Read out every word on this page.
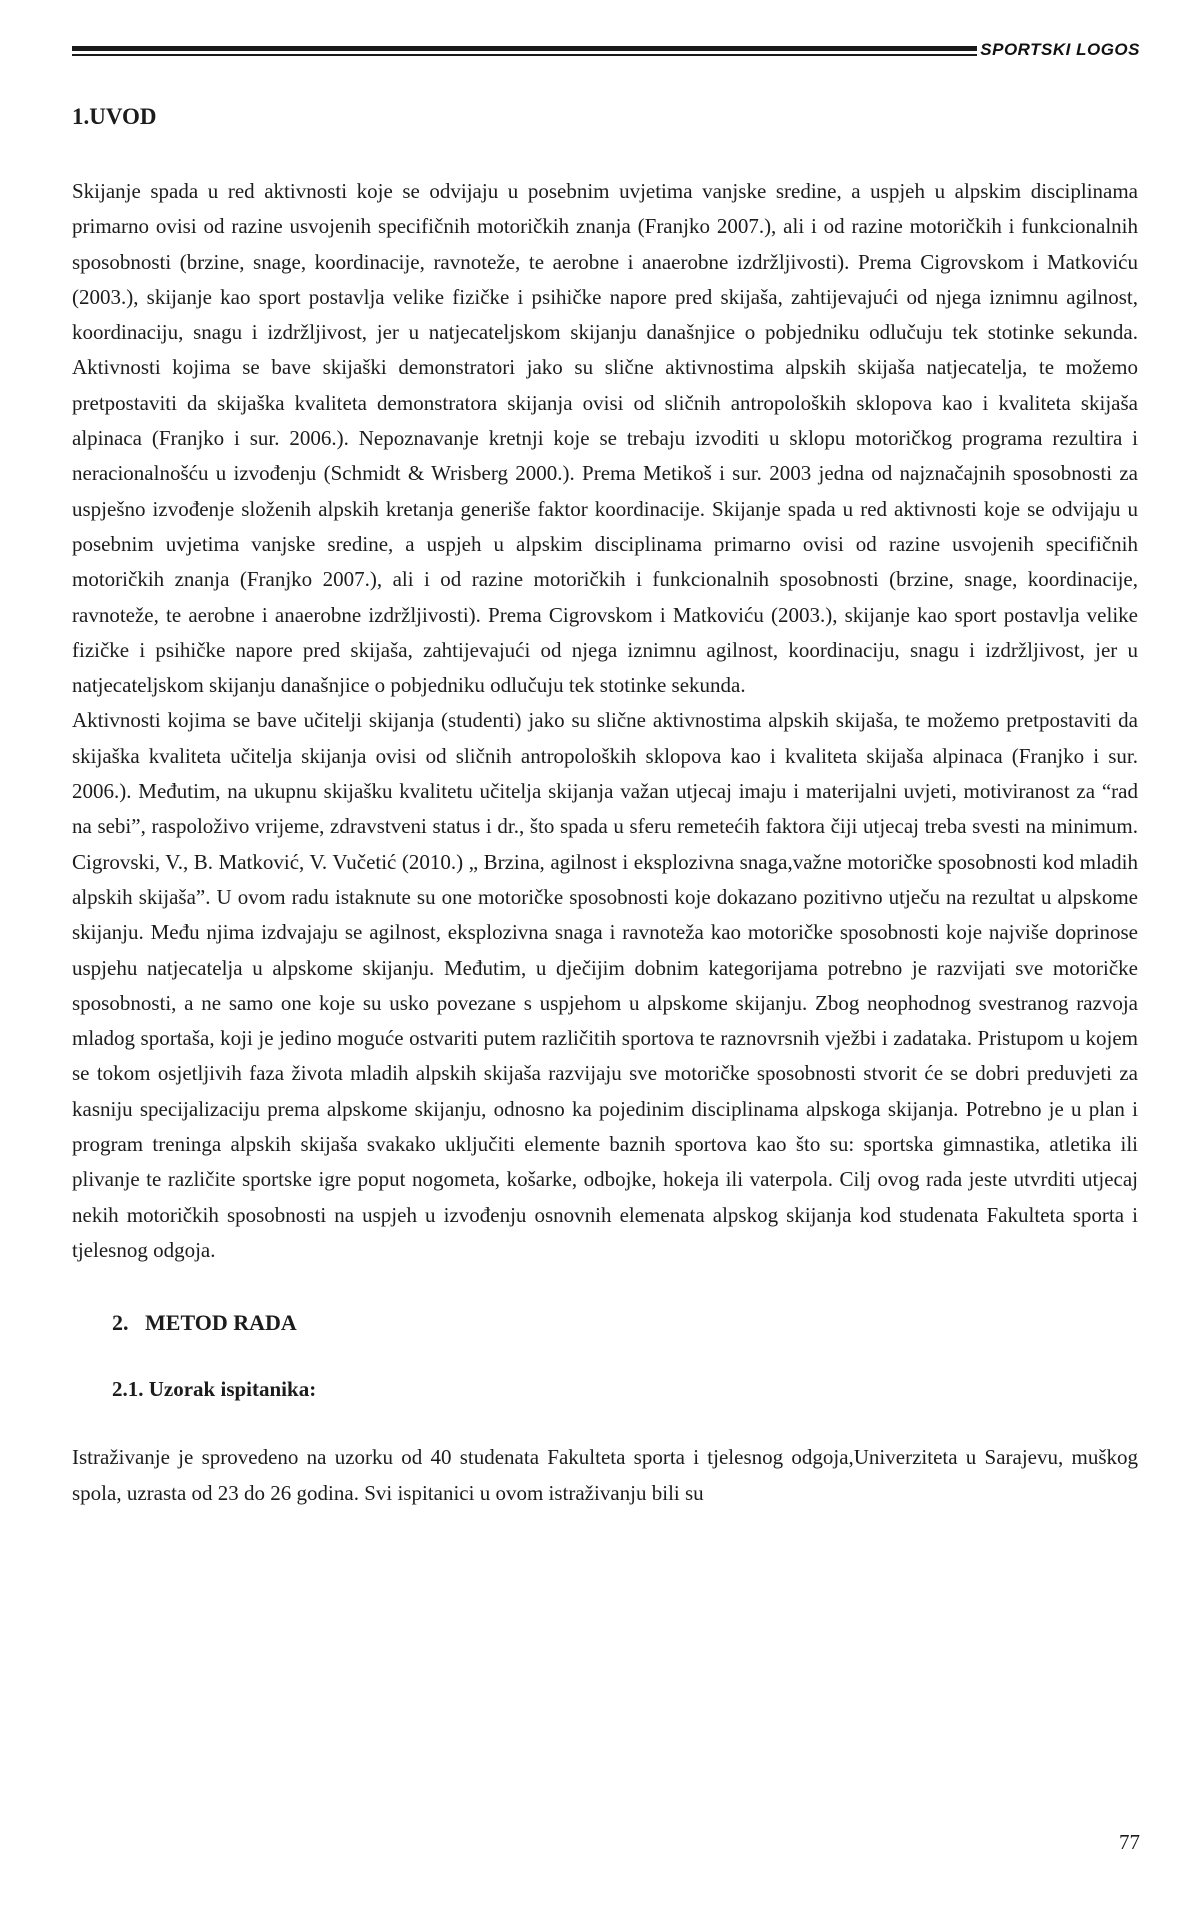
SPORTSKI LOGOS
1.UVOD

Skijanje spada u red aktivnosti koje se odvijaju u posebnim uvjetima vanjske sredine, a uspjeh u alpskim disciplinama primarno ovisi od razine usvojenih specifičnih motoričkih znanja (Franjko 2007.), ali i od razine motoričkih i funkcionalnih sposobnosti (brzine, snage, koordinacije, ravnoteže, te aerobne i anaerobne izdržljivosti). Prema Cigrovskom i Matkoviću (2003.), skijanje kao sport postavlja velike fizičke i psihičke napore pred skijaša, zahtijevajući od njega iznimnu agilnost, koordinaciju, snagu i izdržljivost, jer u natjecateljskom skijanju današnjice o pobjedniku odlučuju tek stotinke sekunda. Aktivnosti kojima se bave skijaški demonstratori jako su slične aktivnostima alpskih skijaša natjecatelja, te možemo pretpostaviti da skijaška kvaliteta demonstratora skijanja ovisi od sličnih antropoloških sklopova kao i kvaliteta skijaša alpinaca (Franjko i sur. 2006.). Nepoznavanje kretnji koje se trebaju izvoditi u sklopu motoričkog programa rezultira i neracionalnošću u izvođenju (Schmidt & Wrisberg 2000.). Prema Metikoš i sur. 2003 jedna od najznačajnih sposobnosti za uspješno izvođenje složenih alpskih kretanja generiše faktor koordinacije. Skijanje spada u red aktivnosti koje se odvijaju u posebnim uvjetima vanjske sredine, a uspjeh u alpskim disciplinama primarno ovisi od razine usvojenih specifičnih motoričkih znanja (Franjko 2007.), ali i od razine motoričkih i funkcionalnih sposobnosti (brzine, snage, koordinacije, ravnoteže, te aerobne i anaerobne izdržljivosti). Prema Cigrovskom i Matkoviću (2003.), skijanje kao sport postavlja velike fizičke i psihičke napore pred skijaša, zahtijevajući od njega iznimnu agilnost, koordinaciju, snagu i izdržljivost, jer u natjecateljskom skijanju današnjice o pobjedniku odlučuju tek stotinke sekunda.

Aktivnosti kojima se bave učitelji skijanja (studenti) jako su slične aktivnostima alpskih skijaša, te možemo pretpostaviti da skijaška kvaliteta učitelja skijanja ovisi od sličnih antropoloških sklopova kao i kvaliteta skijaša alpinaca (Franjko i sur. 2006.). Međutim, na ukupnu skijašku kvalitetu učitelja skijanja važan utjecaj imaju i materijalni uvjeti, motiviranost za “rad na sebi”, raspoloživo vrijeme, zdravstveni status i dr., što spada u sferu remetećih faktora čiji utjecaj treba svesti na minimum. Cigrovski, V., B. Matković, V. Vučetić (2010.) „ Brzina, agilnost i eksplozivna snaga,važne motoričke sposobnosti kod mladih alpskih skijaša”. U ovom radu istaknute su one motoričke sposobnosti koje dokazano pozitivno utječu na rezultat u alpskome skijanju. Među njima izdvajaju se agilnost, eksplozivna snaga i ravnoteža kao motoričke sposobnosti koje najviše doprinose uspjehu natjecatelja u alpskome skijanju. Međutim, u dječijim dobnim kategorijama potrebno je razvijati sve motoričke sposobnosti, a ne samo one koje su usko povezane s uspjehom u alpskome skijanju. Zbog neophodnog svestranog razvoja mladog sportaša, koji je jedino moguće ostvariti putem različitih sportova te raznovrsnih vježbi i zadataka. Pristupom u kojem se tokom osjetljivih faza života mladih alpskih skijaša razvijaju sve motoričke sposobnosti stvorit će se dobri preduvjeti za kasniju specijalizaciju prema alpskome skijanju, odnosno ka pojedinim disciplinama alpskoga skijanja. Potrebno je u plan i program treninga alpskih skijaša svakako uključiti elemente baznih sportova kao što su: sportska gimnastika, atletika ili plivanje te različite sportske igre poput nogometa, košarke, odbojke, hokeja ili vaterpola. Cilj ovog rada jeste utvrditi utjecaj nekih motoričkih sposobnosti na uspjeh u izvođenju osnovnih elemenata alpskog skijanja kod studenata Fakulteta sporta i tjelesnog odgoja.

2.   METOD RADA
2.1. Uzorak ispitanika:

Istraživanje je sprovedeno na uzorku od 40 studenata Fakulteta sporta i tjelesnog odgoja,Univerziteta u Sarajevu, muškog spola, uzrasta od 23 do 26 godina. Svi ispitanici u ovom istraživanju bili su

77
